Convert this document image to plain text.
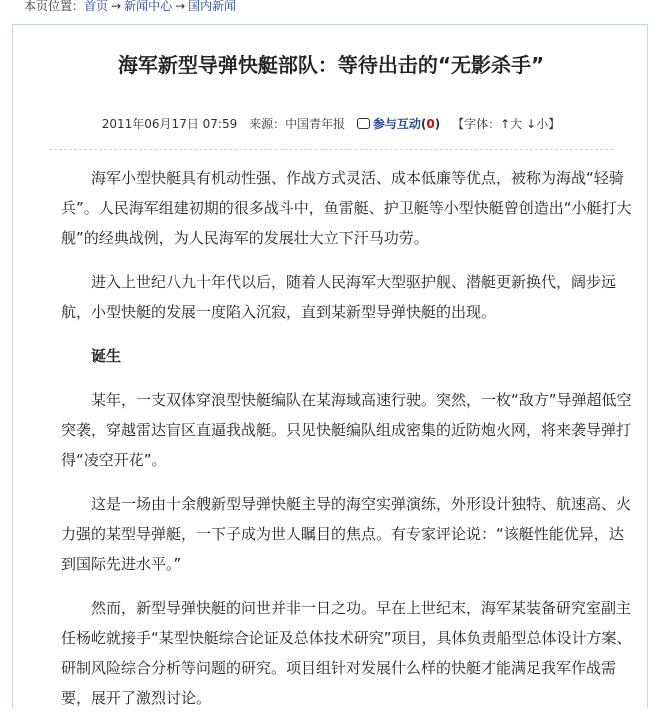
本页位置：首页 → 新闻中心 → 国内新闻
海军新型导弹快艇部队：等待出击的“无影杀手”
2011年06月17日 07:59 来源：中国青年报 参与互动(0) 【字体：↑大 ↓小】

海军小型快艇具有机动性强、作战方式灵活、成本低廉等优点，被称为海战“轻骑兵”。人民海军组建初期的很多战斗中，鱼雷艇、护卫艇等小型快艇曾创造出“小艇打大舰”的经典战例，为人民海军的发展壮大立下汗马功劳。

进入上世纪八九十年代以后，随着人民海军大型驱护舰、潜艇更新换代，阔步远航，小型快艇的发展一度陷入沉寂，直到某新型导弹快艇的出现。

诞生

某年，一支双体穿浪型快艇编队在某海域高速行驶。突然，一枚“敌方”导弹超低空突袭，穿越雷达盲区直逼我战艇。只见快艇编队组成密集的近防炮火网，将来袭导弹打得“凌空开花”。

这是一场由十余艘新型导弹快艇主导的海空实弹演练，外形设计独特、航速高、火力强的某型导弹艇，一下子成为世人瞩目的焦点。有专家评论说：“该艇性能优异，达到国际先进水平。”

然而，新型导弹快艇的问世并非一日之功。早在上世纪末，海军某装备研究室副主任杨屹就接手“某型快艇综合论证及总体技术研究”项目，具体负责船型总体设计方案、研制风险综合分析等问题的研究。项目组针对发展什么样的快艇才能满足我军作战需要，展开了激烈讨论。
